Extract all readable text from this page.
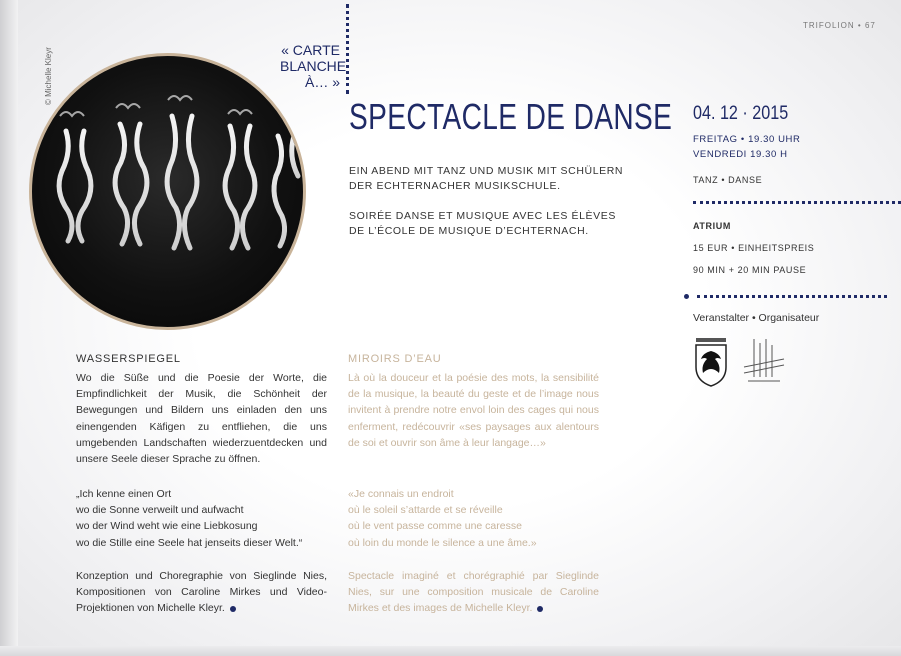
TRIFOLION • 67
© Michelle Kleyr	« CARTE
BLANCHE
À… »
SPECTACLE DE DANSE
EIN ABEND MIT TANZ UND MUSIK MIT SCHÜLERN
DER ECHTERNACHER MUSIKSCHULE.
SOIRÉE DANSE ET MUSIQUE AVEC LES ÉLÈVES
DE L’ÉCOLE DE MUSIQUE D’ECHTERNACH.
04. 12 · 2015
FREITAG • 19.30 UHR
VENDREDI 19.30 H
TANZ • DANSE
ATRIUM
15 EUR • EINHEITSPREIS
90 MIN + 20 MIN PAUSE
Veranstalter • Organisateur
WASSERSPIEGEL
Wo die Süße und die Poesie der Worte, die Empfindlichkeit der Musik, die Schönheit der Bewegungen und Bildern uns einladen den uns einengenden Käfigen zu entfliehen, die uns umgebenden Landschaften wiederzuentdecken und unsere Seele dieser Sprache zu öffnen.
„Ich kenne einen Ort
wo die Sonne verweilt und aufwacht
wo der Wind weht wie eine Liebkosung
wo die Stille eine Seele hat jenseits dieser Welt.“
Konzeption und Choregraphie von Sieglinde Nies, Kompositionen von Caroline Mirkes und Video-Projektionen von Michelle Kleyr.
MIROIRS D’EAU
Là où la douceur et la poésie des mots, la sensibilité de la musique, la beauté du geste et de l’image nous invitent à prendre notre envol loin des cages qui nous enferment, redécouvrir «ses paysages aux alentours de soi et ouvrir son âme à leur langage…»
«Je connais un endroit
où le soleil s’attarde et se réveille
où le vent passe comme une caresse
où loin du monde le silence a une âme.»
Spectacle imaginé et chorégraphié par Sieglinde Nies, sur une composition musicale de Caroline Mirkes et des images de Michelle Kleyr.
